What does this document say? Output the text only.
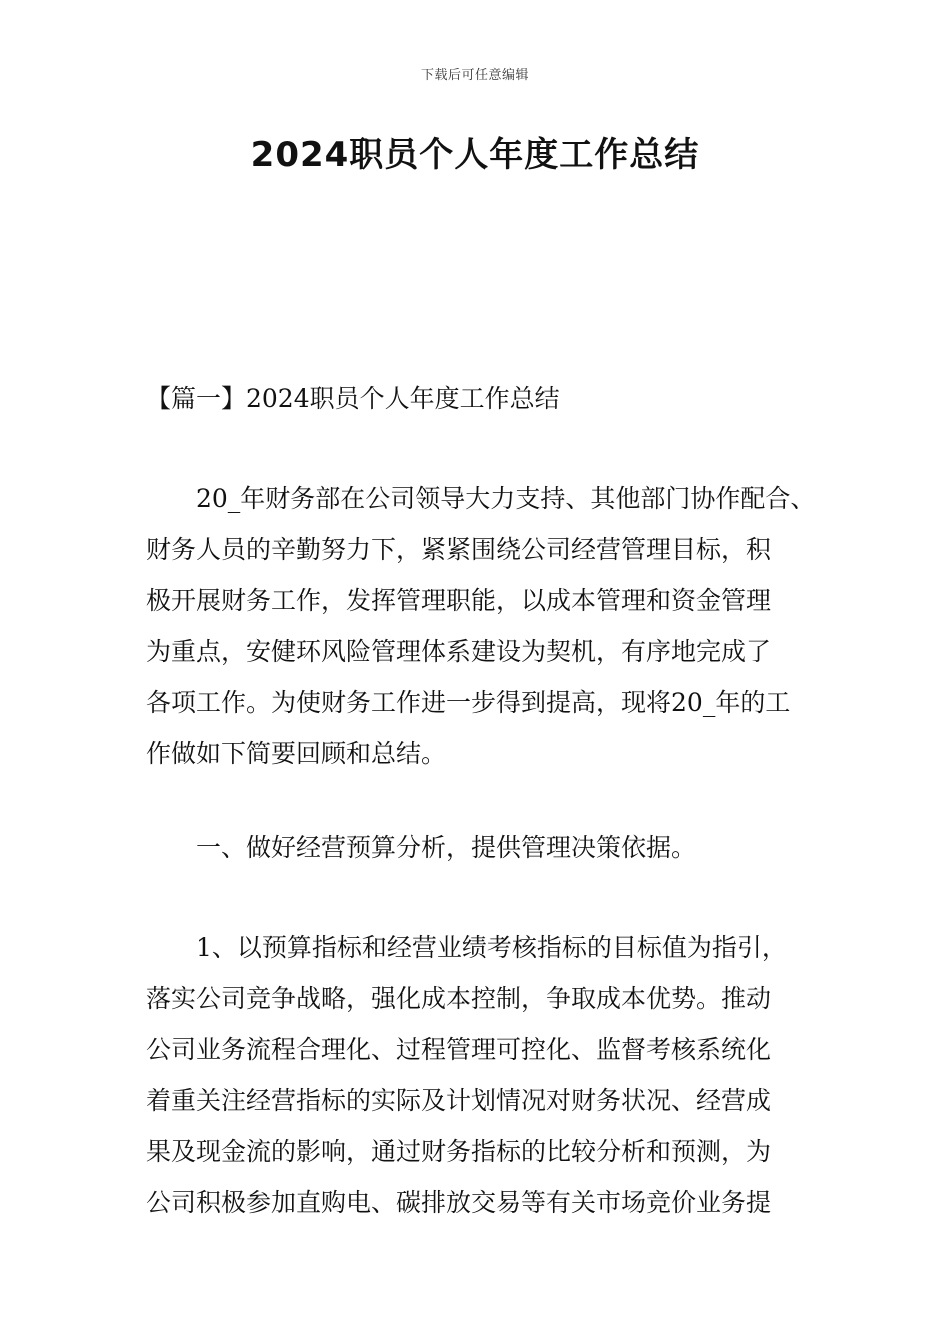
下载后可任意编辑
2024职员个人年度工作总结
【篇一】2024职员个人年度工作总结
20_年财务部在公司领导大力支持、其他部门协作配合、
财务人员的辛勤努力下，紧紧围绕公司经营管理目标，积
极开展财务工作，发挥管理职能，以成本管理和资金管理
为重点，安健环风险管理体系建设为契机，有序地完成了
各项工作。为使财务工作进一步得到提高，现将20_年的工
作做如下简要回顾和总结。
一、做好经营预算分析，提供管理决策依据。
1、以预算指标和经营业绩考核指标的目标值为指引，
落实公司竞争战略，强化成本控制，争取成本优势。推动
公司业务流程合理化、过程管理可控化、监督考核系统化
着重关注经营指标的实际及计划情况对财务状况、经营成
果及现金流的影响，通过财务指标的比较分析和预测，为
公司积极参加直购电、碳排放交易等有关市场竞价业务提
